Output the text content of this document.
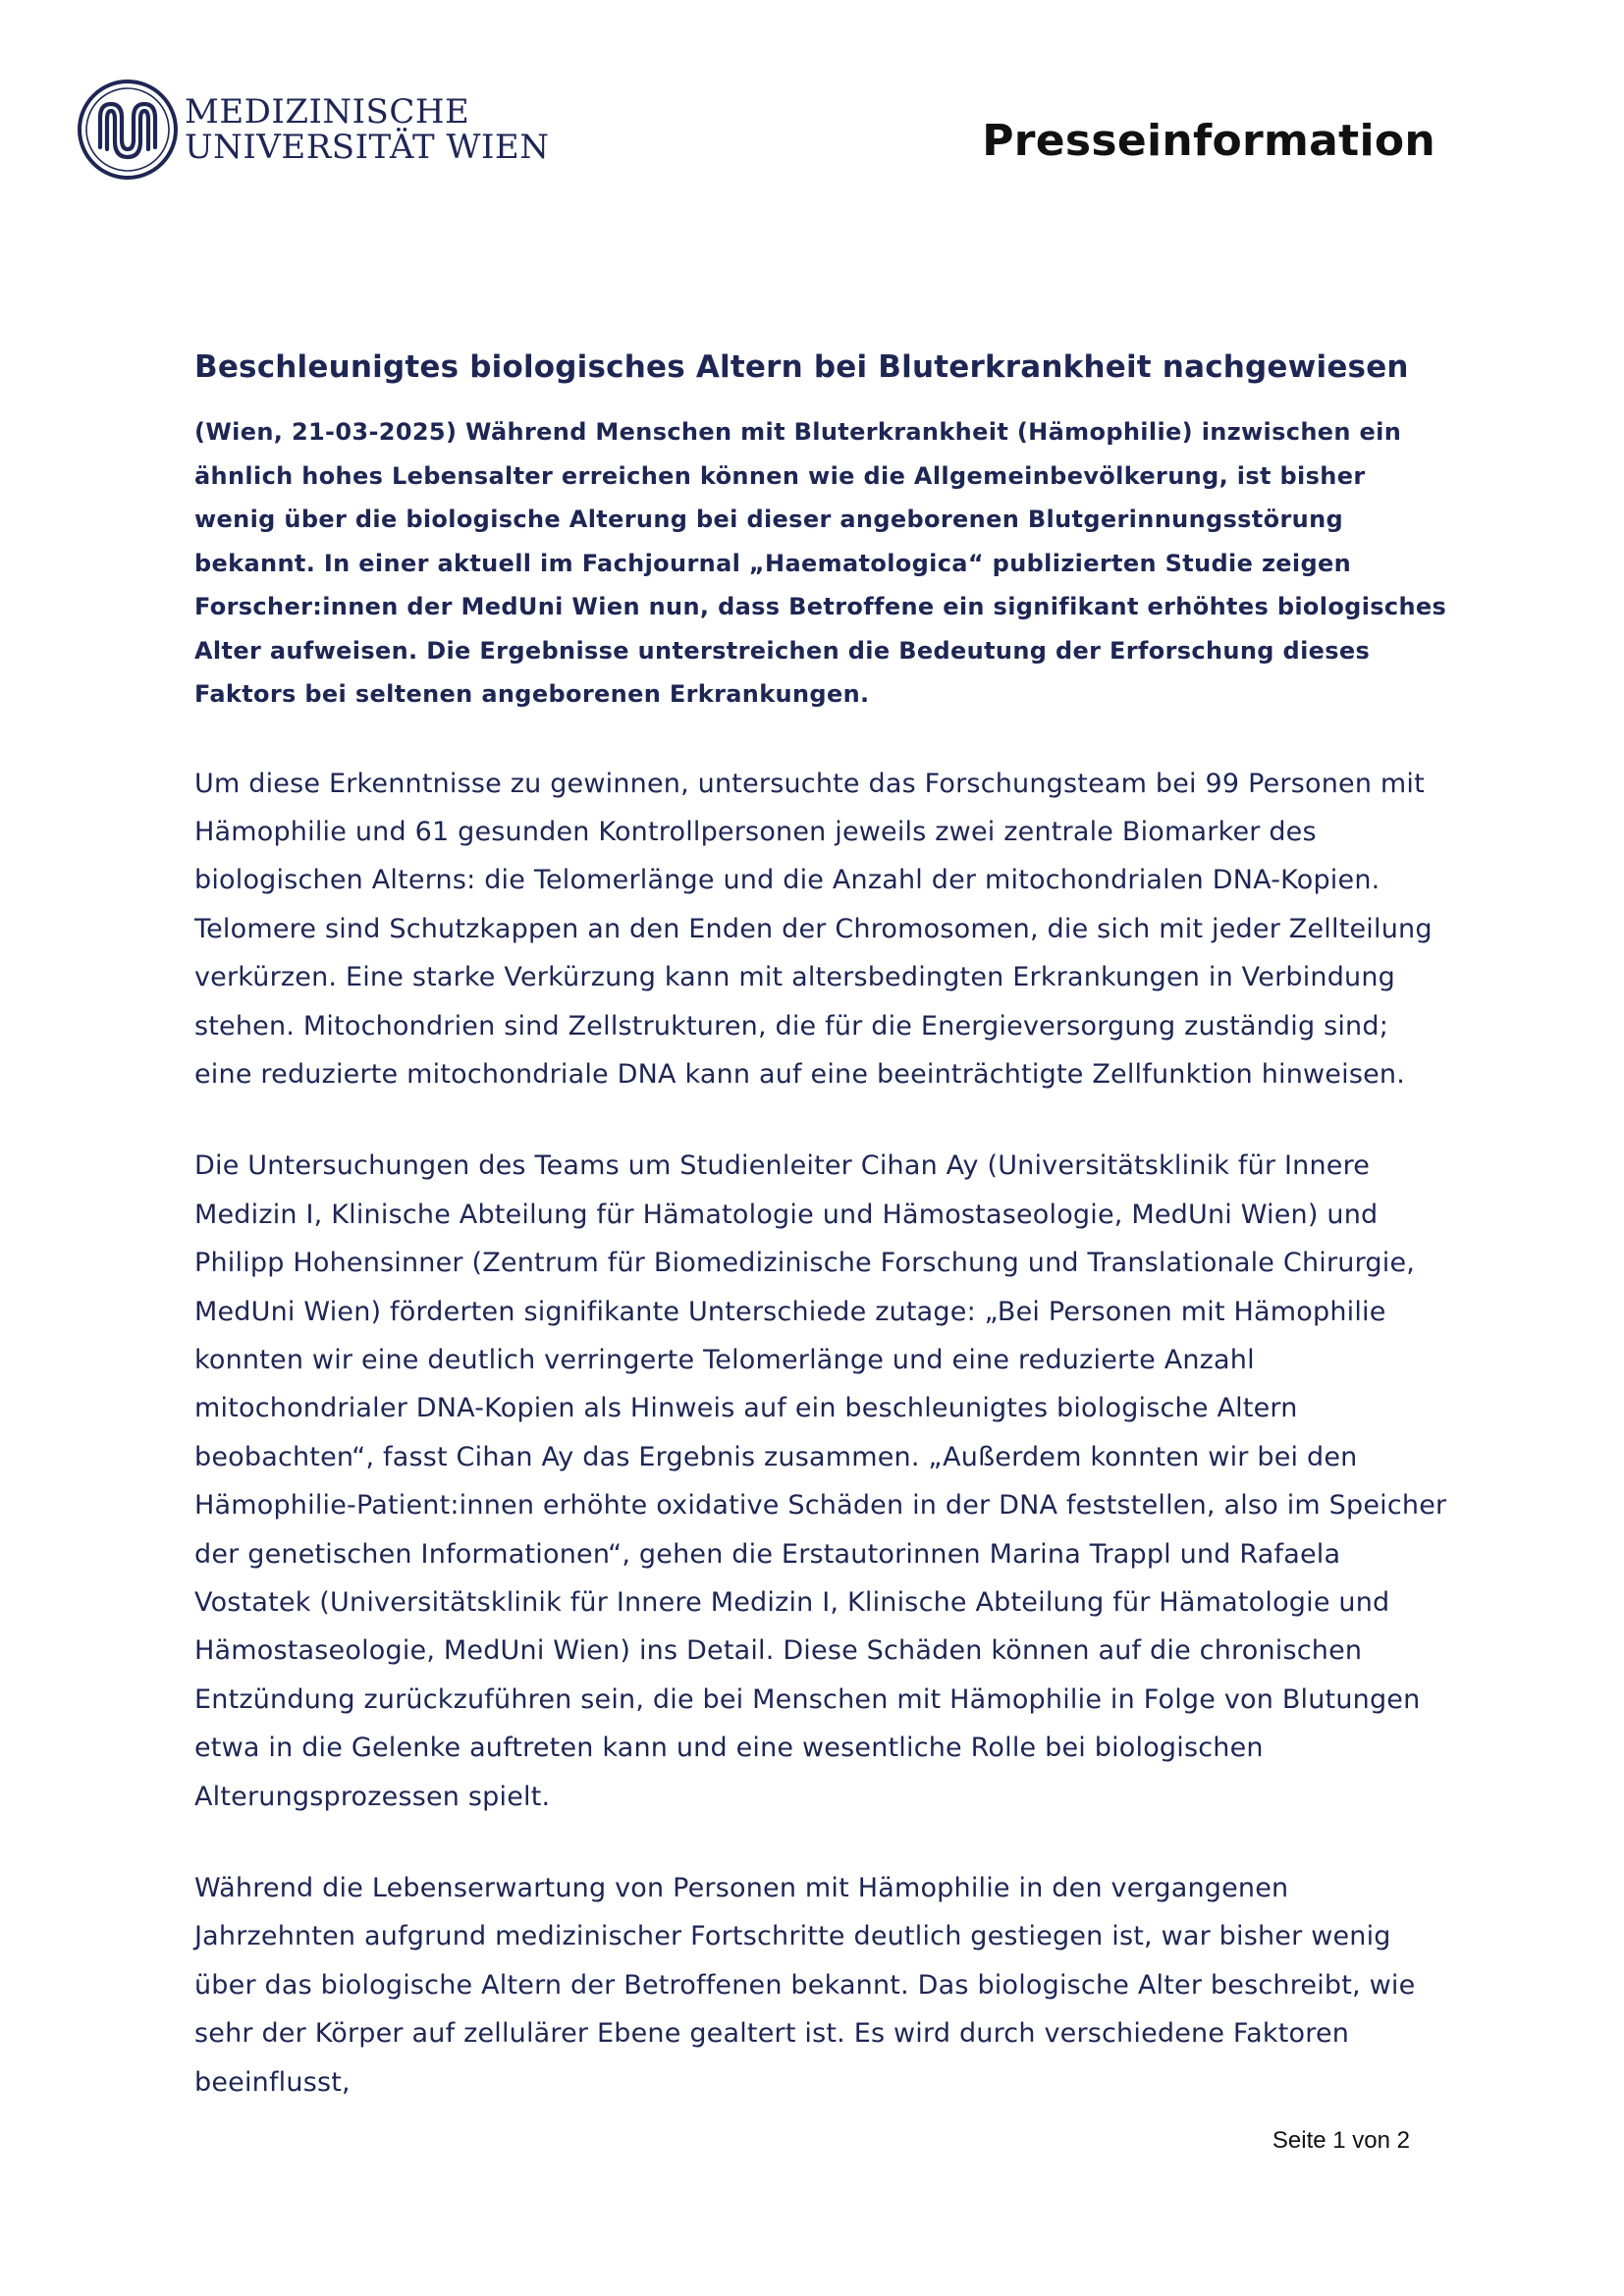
MEDIZINISCHE
UNIVERSITÄT WIEN	Presseinformation
Beschleunigtes biologisches Altern bei Bluterkrankheit nachgewiesen

(Wien, 21-03-2025) Während Menschen mit Bluterkrankheit (Hämophilie) inzwischen ein ähnlich hohes Lebensalter erreichen können wie die Allgemeinbevölkerung, ist bisher wenig über die biologische Alterung bei dieser angeborenen Blutgerinnungsstörung bekannt. In einer aktuell im Fachjournal „Haematologica“ publizierten Studie zeigen Forscher:innen der MedUni Wien nun, dass Betroffene ein signifikant erhöhtes biologisches Alter aufweisen. Die Ergebnisse unterstreichen die Bedeutung der Erforschung dieses Faktors bei seltenen angeborenen Erkrankungen.

Um diese Erkenntnisse zu gewinnen, untersuchte das Forschungsteam bei 99 Personen mit Hämophilie und 61 gesunden Kontrollpersonen jeweils zwei zentrale Biomarker des biologischen Alterns: die Telomerlänge und die Anzahl der mitochondrialen DNA-Kopien. Telomere sind Schutzkappen an den Enden der Chromosomen, die sich mit jeder Zellteilung verkürzen. Eine starke Verkürzung kann mit altersbedingten Erkrankungen in Verbindung stehen. Mitochondrien sind Zellstrukturen, die für die Energieversorgung zuständig sind; eine reduzierte mitochondriale DNA kann auf eine beeinträchtigte Zellfunktion hinweisen.

Die Untersuchungen des Teams um Studienleiter Cihan Ay (Universitätsklinik für Innere Medizin I, Klinische Abteilung für Hämatologie und Hämostaseologie, MedUni Wien) und Philipp Hohensinner (Zentrum für Biomedizinische Forschung und Translationale Chirurgie, MedUni Wien) förderten signifikante Unterschiede zutage: „Bei Personen mit Hämophilie konnten wir eine deutlich verringerte Telomerlänge und eine reduzierte Anzahl mitochondrialer DNA-Kopien als Hinweis auf ein beschleunigtes biologische Altern beobachten“, fasst Cihan Ay das Ergebnis zusammen. „Außerdem konnten wir bei den Hämophilie-Patient:innen erhöhte oxidative Schäden in der DNA feststellen, also im Speicher der genetischen Informationen“, gehen die Erstautorinnen Marina Trappl und Rafaela Vostatek (Universitätsklinik für Innere Medizin I, Klinische Abteilung für Hämatologie und Hämostaseologie, MedUni Wien) ins Detail. Diese Schäden können auf die chronischen Entzündung zurückzuführen sein, die bei Menschen mit Hämophilie in Folge von Blutungen etwa in die Gelenke auftreten kann und eine wesentliche Rolle bei biologischen Alterungsprozessen spielt.

Während die Lebenserwartung von Personen mit Hämophilie in den vergangenen Jahrzehnten aufgrund medizinischer Fortschritte deutlich gestiegen ist, war bisher wenig über das biologische Altern der Betroffenen bekannt. Das biologische Alter beschreibt, wie sehr der Körper auf zellulärer Ebene gealtert ist. Es wird durch verschiedene Faktoren beeinflusst,

Seite 1 von 2
